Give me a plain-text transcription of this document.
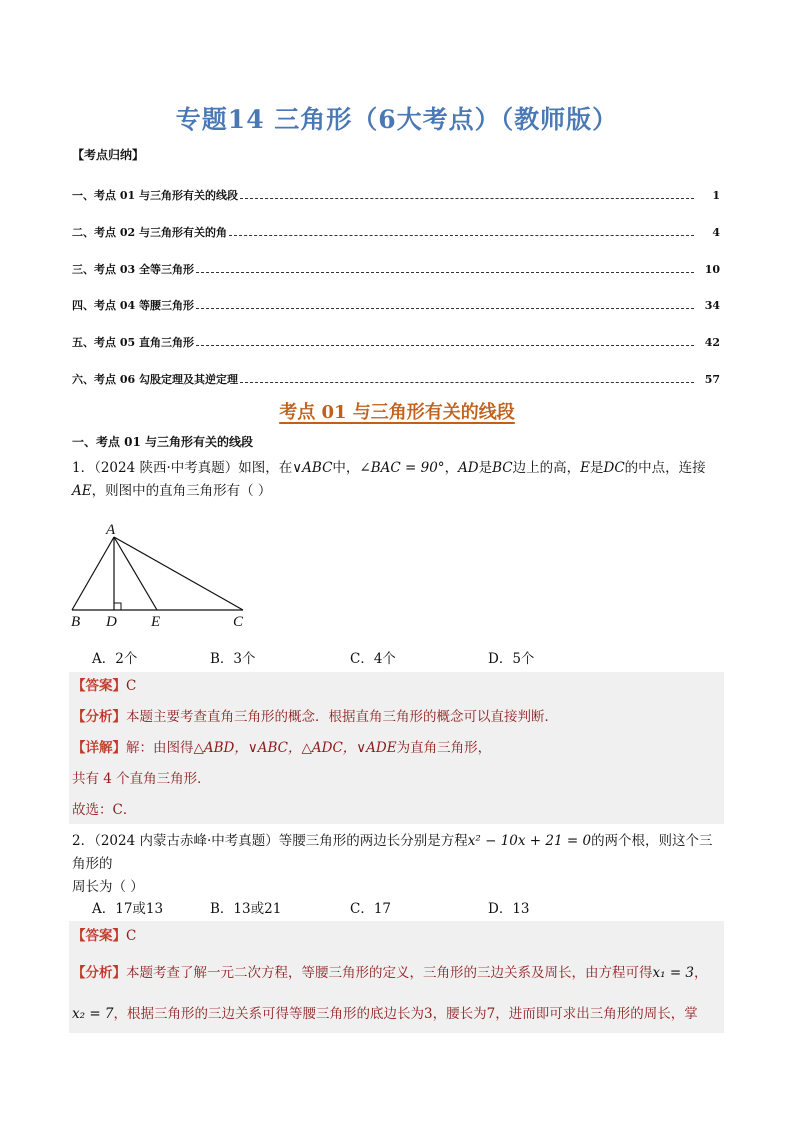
专题14 三角形（6大考点）（教师版）
【考点归纳】
一、考点 01 与三角形有关的线段	1
二、考点 02 与三角形有关的角	4
三、考点 03 全等三角形	10
四、考点 04 等腰三角形	34
五、考点 05 直角三角形	42
六、考点 06 勾股定理及其逆定理	57
考点 01 与三角形有关的线段
一、考点 01 与三角形有关的线段
1．（2024 陕西·中考真题）如图，在∨ABC中，∠BAC = 90°，AD是BC边上的高，E是DC的中点，连接
AE，则图中的直角三角形有（ ）
A
B D E	C
A．2个	B．3个	C．4个	D．5个
【答案】C
【分析】本题主要考查直角三角形的概念．根据直角三角形的概念可以直接判断．
【详解】解：由图得△ABD，∨ABC，△ADC，∨ADE为直角三角形，
共有 4 个直角三角形．
故选：C．
2．（2024 内蒙古赤峰·中考真题）等腰三角形的两边长分别是方程x² − 10x + 21 = 0的两个根，则这个三角形的
周长为（ ）
A．17或13	B．13或21	C．17	D．13
【答案】C
【分析】本题考查了解一元二次方程，等腰三角形的定义，三角形的三边关系及周长，由方程可得x₁ = 3，
x₂ = 7，根据三角形的三边关系可得等腰三角形的底边长为3，腰长为7，进而即可求出三角形的周长，掌
